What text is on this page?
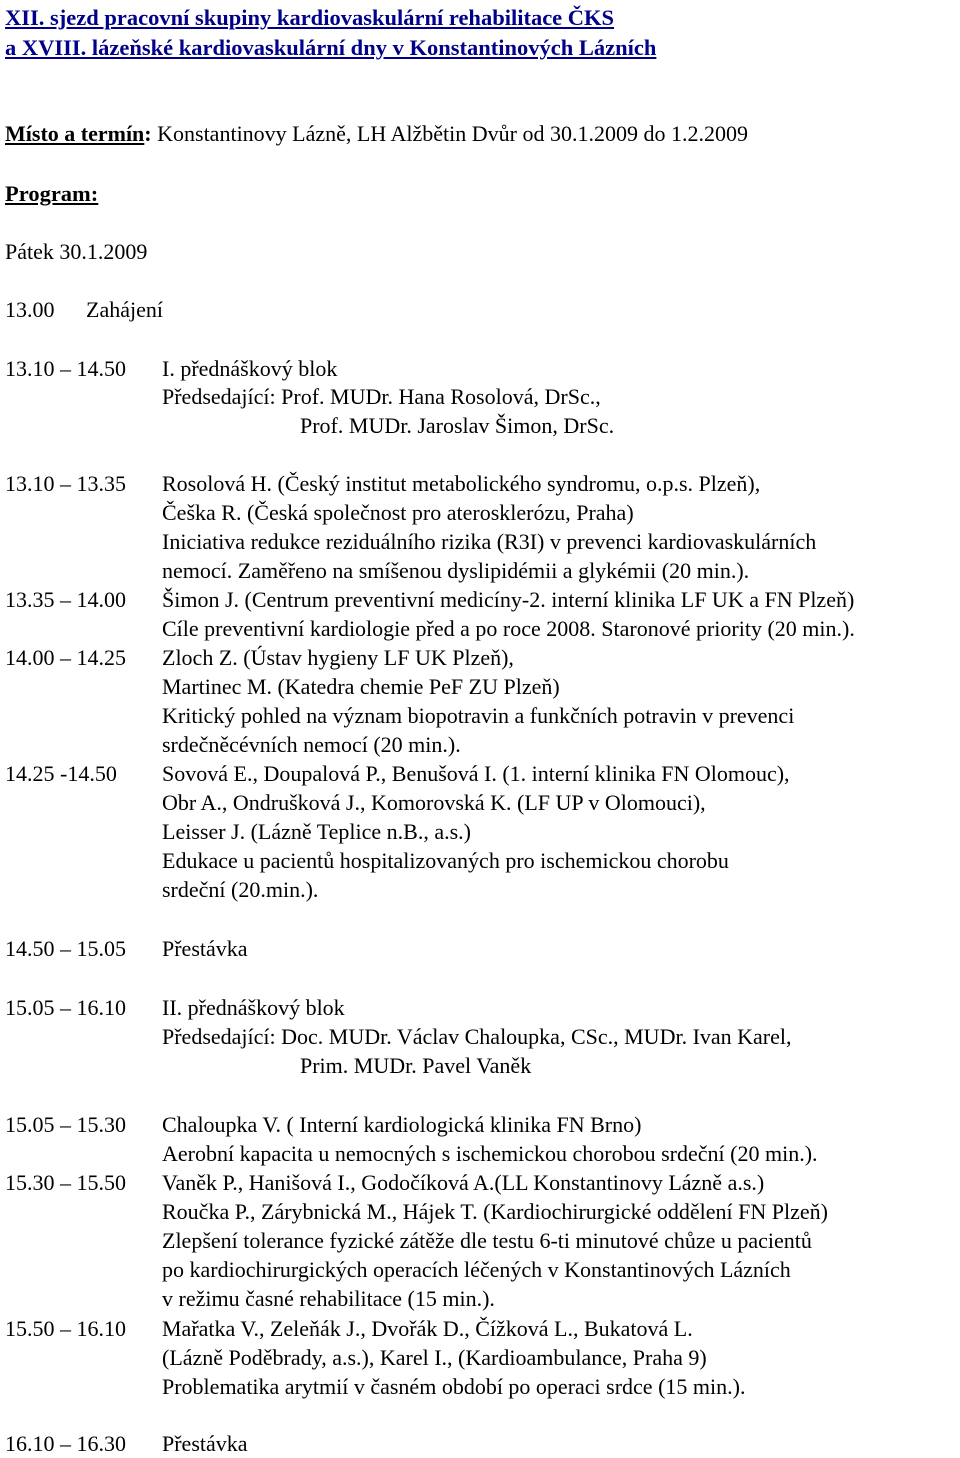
XII. sjezd pracovní skupiny kardiovaskulární rehabilitace ČKS
a XVIII. lázeňské kardiovaskulární dny v Konstantinových Lázních
Místo a termín: Konstantinovy Lázně, LH Alžbětin Dvůr od 30.1.2009 do 1.2.2009
Program:
Pátek 30.1.2009
13.00 Zahájení
13.10 – 14.50 I. přednáškový blok
Předsedající: Prof. MUDr. Hana Rosolová, DrSc.,
Prof. MUDr. Jaroslav Šimon, DrSc.
13.10 – 13.35 Rosolová H. (Český institut metabolického syndromu, o.p.s. Plzeň),
Češka R. (Česká společnost pro aterosklerózu, Praha)
Iniciativa redukce reziduálního rizika (R3I) v prevenci kardiovaskulárních
nemocí. Zaměřeno na smíšenou dyslipidémii a glykémii (20 min.).
13.35 – 14.00 Šimon J. (Centrum preventivní medicíny-2. interní klinika LF UK a FN Plzeň)
Cíle preventivní kardiologie před a po roce 2008. Staronové priority (20 min.).
14.00 – 14.25 Zloch Z. (Ústav hygieny LF UK Plzeň),
Martinec M. (Katedra chemie PeF ZU Plzeň)
Kritický pohled na význam biopotravin a funkčních potravin v prevenci
srdečněcévních nemocí (20 min.).
14.25 -14.50 Sovová E., Doupalová P., Benušová I. (1. interní klinika FN Olomouc),
Obr A., Ondrušková J., Komorovská K. (LF UP v Olomouci),
Leisser J. (Lázně Teplice n.B., a.s.)
Edukace u pacientů hospitalizovaných pro ischemickou chorobu
srdeční (20.min.).
14.50 – 15.05 Přestávka
15.05 – 16.10 II. přednáškový blok
Předsedající: Doc. MUDr. Václav Chaloupka, CSc., MUDr. Ivan Karel,
Prim. MUDr. Pavel Vaněk
15.05 – 15.30 Chaloupka V. ( Interní kardiologická klinika FN Brno)
Aerobní kapacita u nemocných s ischemickou chorobou srdeční (20 min.).
15.30 – 15.50 Vaněk P., Hanišová I., Godočíková A.(LL Konstantinovy Lázně a.s.)
Roučka P., Zárybnická M., Hájek T. (Kardiochirurgické oddělení FN Plzeň)
Zlepšení tolerance fyzické zátěže dle testu 6-ti minutové chůze u pacientů
po kardiochirurgických operacích léčených v Konstantinových Lázních
v režimu časné rehabilitace (15 min.).
15.50 – 16.10 Mařatka V., Zeleňák J., Dvořák D., Čížková L., Bukatová L.
(Lázně Poděbrady, a.s.), Karel I., (Kardioambulance, Praha 9)
Problematika arytmií v časném období po operaci srdce (15 min.).
16.10 – 16.30 Přestávka
